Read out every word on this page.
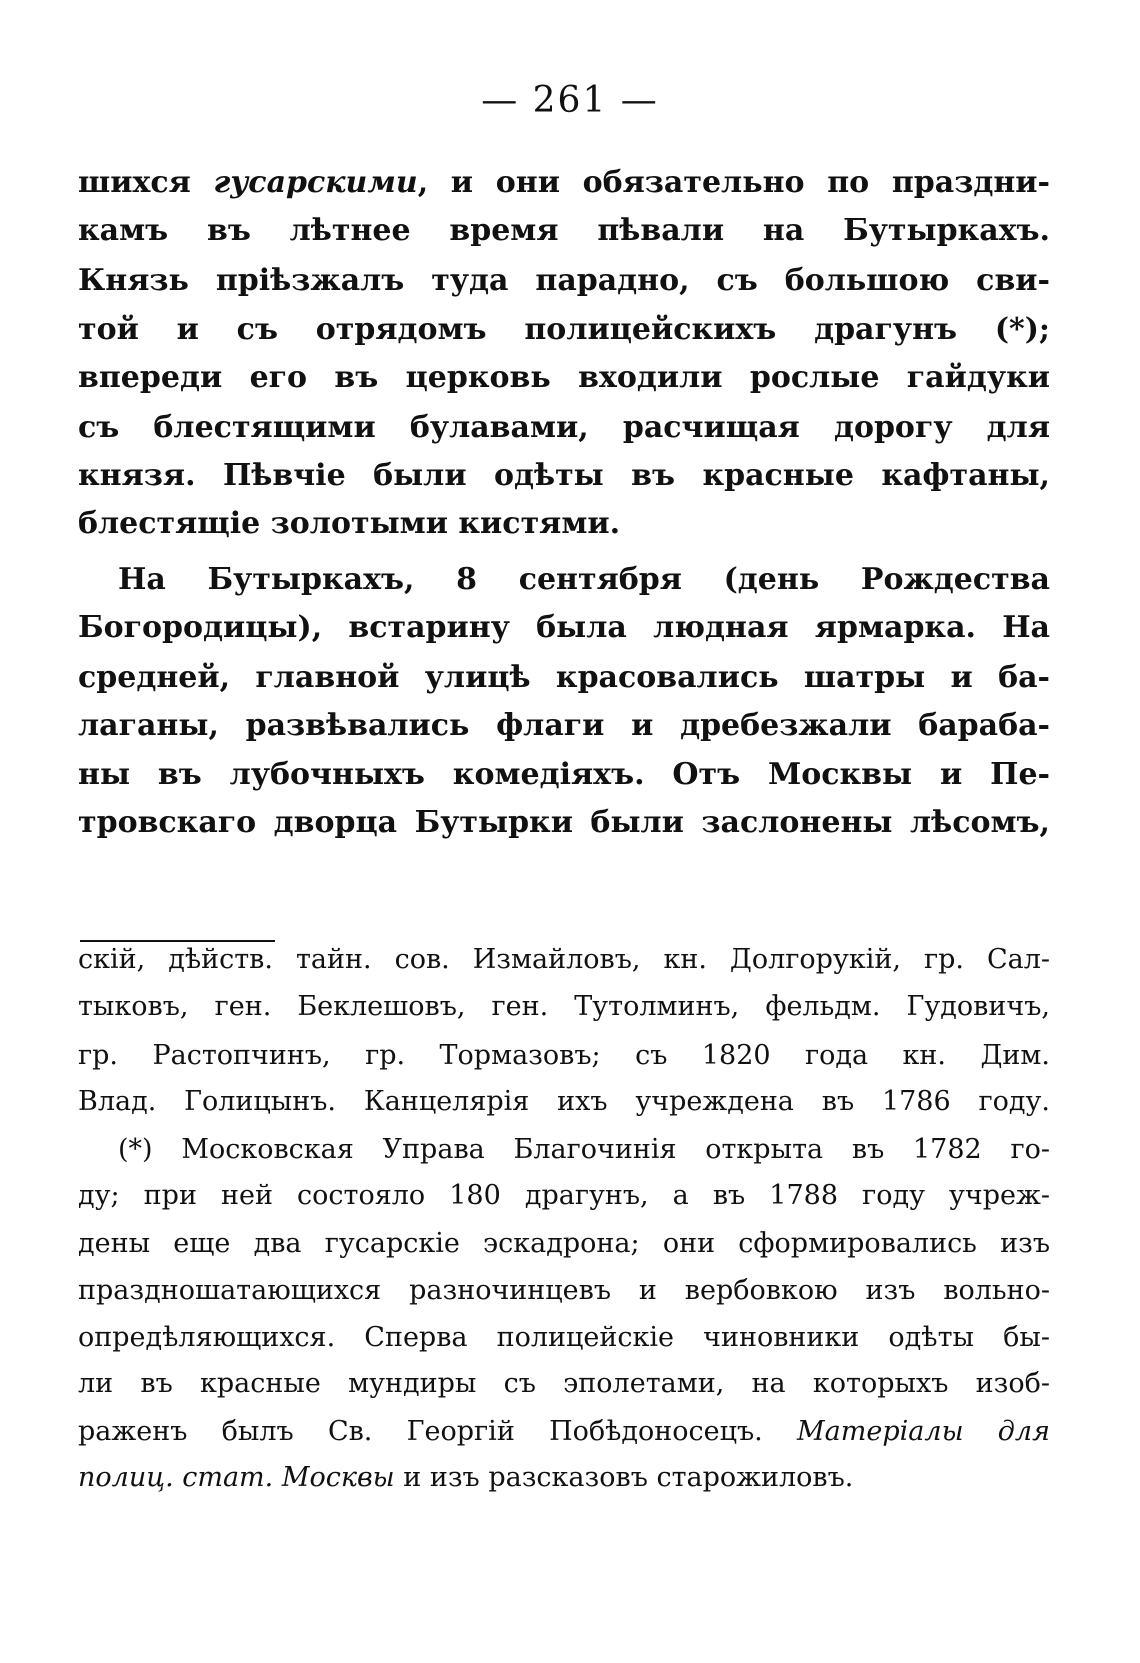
— 261 —
шихся гусарскими, и они обязательно по праздни-
камъ въ лѣтнее время пѣвали на Бутыркахъ.
Князь пріѣзжалъ туда парадно, съ большою сви-
той и съ отрядомъ полицейскихъ драгунъ (*);
впереди его въ церковь входили рослые гайдуки
съ блестящими булавами, расчищая дорогу для
князя. Пѣвчіе были одѣты въ красные кафтаны,
блестящіе золотыми кистями.
На Бутыркахъ, 8 сентября (день Рождества
Богородицы), встарину была людная ярмарка. На
средней, главной улицѣ красовались шатры и ба-
лаганы, развѣвались флаги и дребезжали бараба-
ны въ лубочныхъ комедіяхъ. Отъ Москвы и Пе-
тровскаго дворца Бутырки были заслонены лѣсомъ,
скій, дѣйств. тайн. сов. Измайловъ, кн. Долгорукій, гр. Сал-
тыковъ, ген. Беклешовъ, ген. Тутолминъ, фельдм. Гудовичъ,
гр. Растопчинъ, гр. Тормазовъ; съ 1820 года кн. Дим.
Влад. Голицынъ. Канцелярія ихъ учреждена въ 1786 году.
(*) Московская Управа Благочинія открыта въ 1782 го-
ду; при ней состояло 180 драгунъ, а въ 1788 году учреж-
дены еще два гусарскіе эскадрона; они сформировались изъ
праздношатающихся разночинцевъ и вербовкою изъ вольно-
опредѣляющихся. Сперва полицейскіе чиновники одѣты бы-
ли въ красные мундиры съ эполетами, на которыхъ изоб-
раженъ былъ Св. Георгій Побѣдоносецъ. Матеріалы для
полиц. стат. Москвы и изъ разсказовъ старожиловъ.
